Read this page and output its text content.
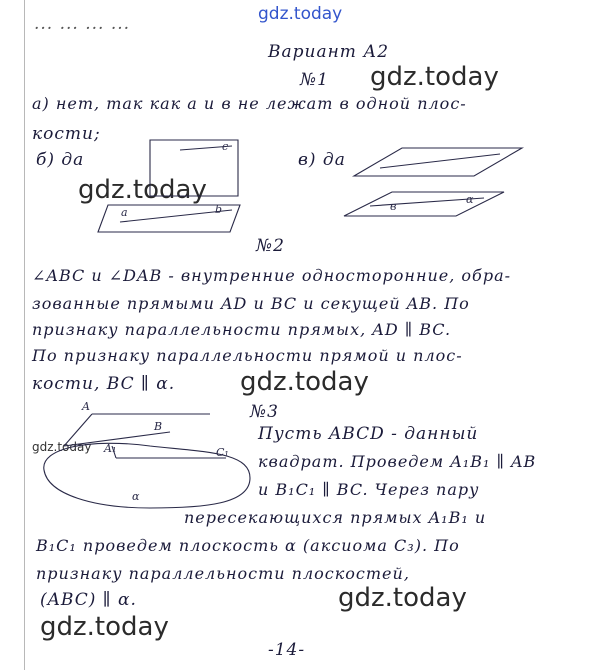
gdz.today
gdz.today
gdz.today
gdz.today
gdz.today
gdz.today
gdz.today
... ... ... ...
Вариант А2
№1
а) нет, так как а и в не лежат в одной плос-
кости;
б) да	в) да
№2
∠ABC и ∠DAB - внутренние односторонние, обра-
зованные прямыми AD и BC и секущей AB. По
признаку параллельности прямых, AD ∥ BC.
По признаку параллельности прямой и плос-
кости, BC ∥ α.
№3
Пусть ABCD - данный
квадрат. Проведем A₁B₁ ∥ AB
и B₁C₁ ∥ BC. Через пару
пересекающихся прямых A₁B₁ и
B₁C₁ проведем плоскость α (аксиома C₃). По
признаку параллельности плоскостей,
(ABC) ∥ α.
-14-
c
a	b	в
α
A
B
A₁	C₁
α
